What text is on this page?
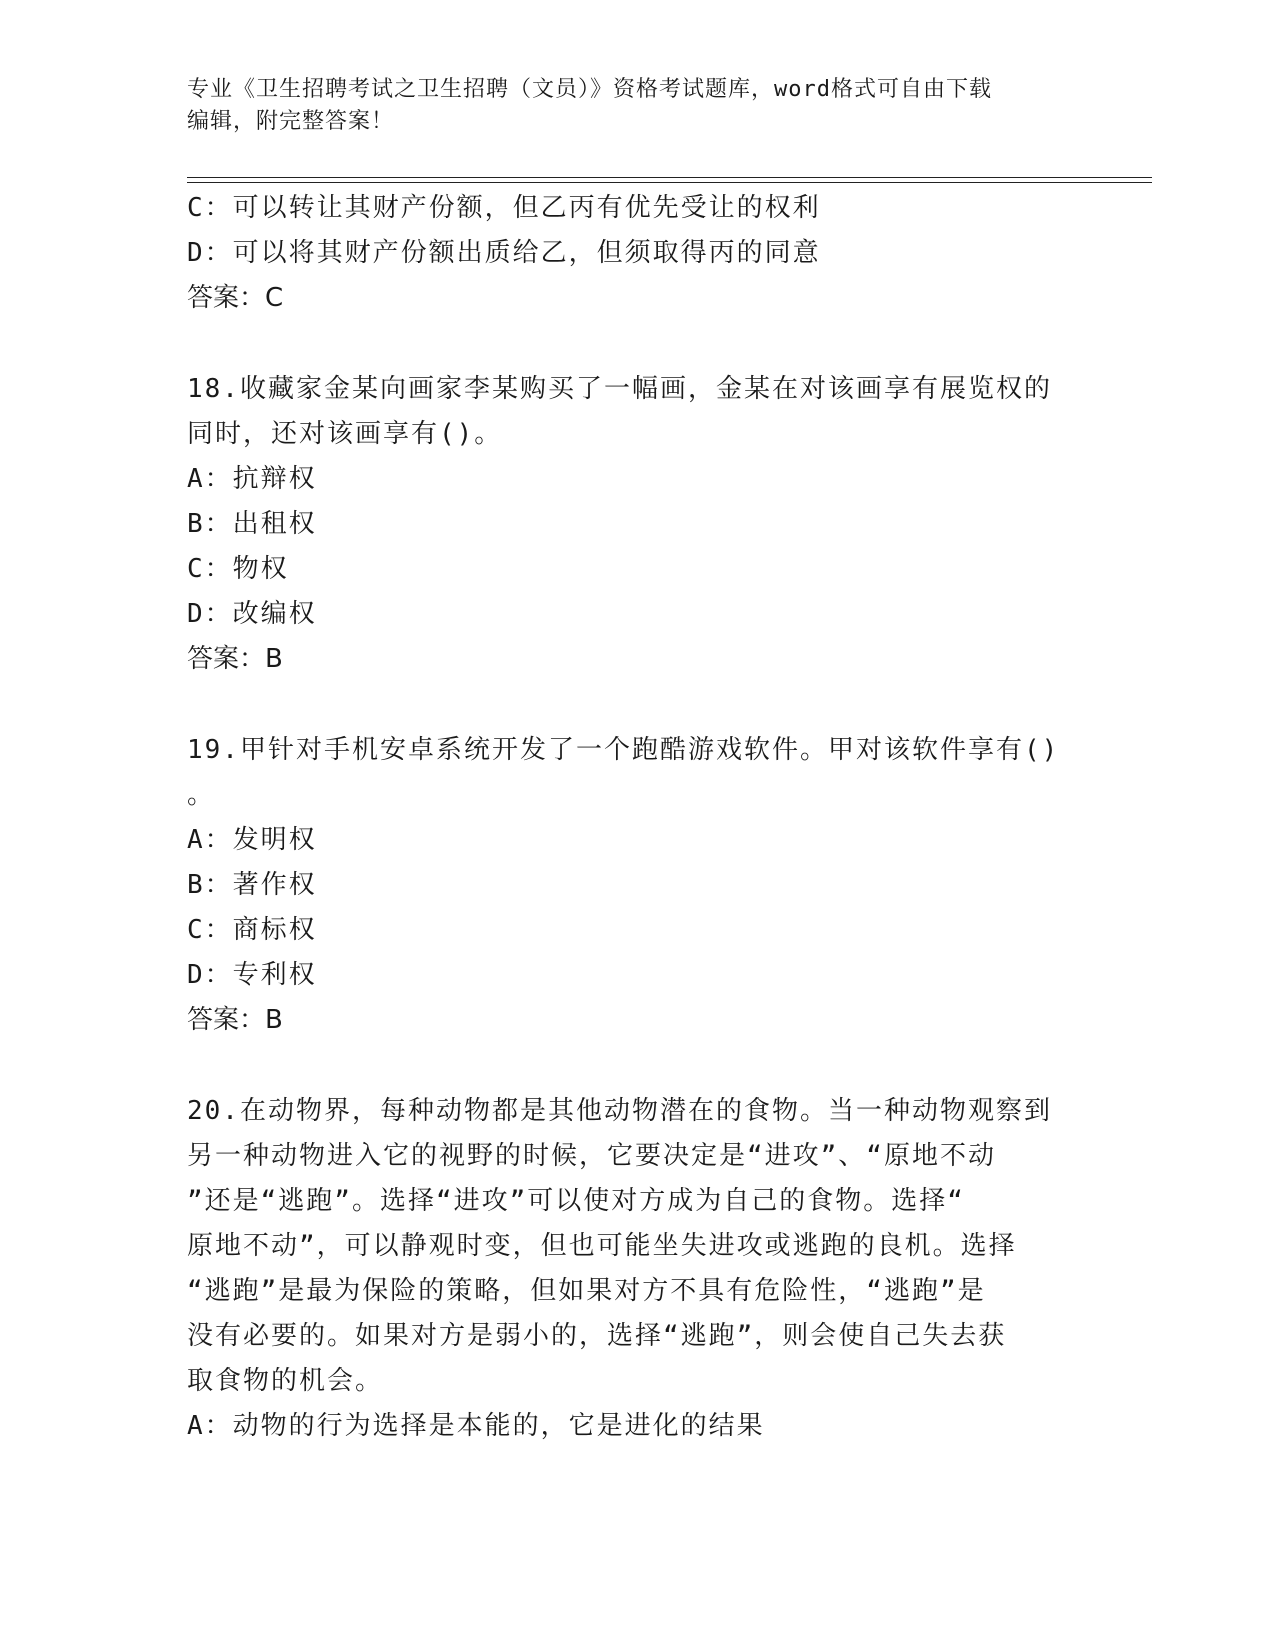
专业《卫生招聘考试之卫生招聘（文员）》资格考试题库，word格式可自由下载
编辑，附完整答案！
C：可以转让其财产份额，但乙丙有优先受让的权利
D：可以将其财产份额出质给乙，但须取得丙的同意
答案：C
18.收藏家金某向画家李某购买了一幅画，金某在对该画享有展览权的
同时，还对该画享有()。
A：抗辩权
B：出租权
C：物权
D：改编权
答案：B
19.甲针对手机安卓系统开发了一个跑酷游戏软件。甲对该软件享有()
。
A：发明权
B：著作权
C：商标权
D：专利权
答案：B
20.在动物界，每种动物都是其他动物潜在的食物。当一种动物观察到
另一种动物进入它的视野的时候，它要决定是“进攻”、“原地不动
”还是“逃跑”。选择“进攻”可以使对方成为自己的食物。选择“
原地不动”，可以静观时变，但也可能坐失进攻或逃跑的良机。选择
“逃跑”是最为保险的策略，但如果对方不具有危险性，“逃跑”是
没有必要的。如果对方是弱小的，选择“逃跑”，则会使自己失去获
取食物的机会。
A：动物的行为选择是本能的，它是进化的结果
